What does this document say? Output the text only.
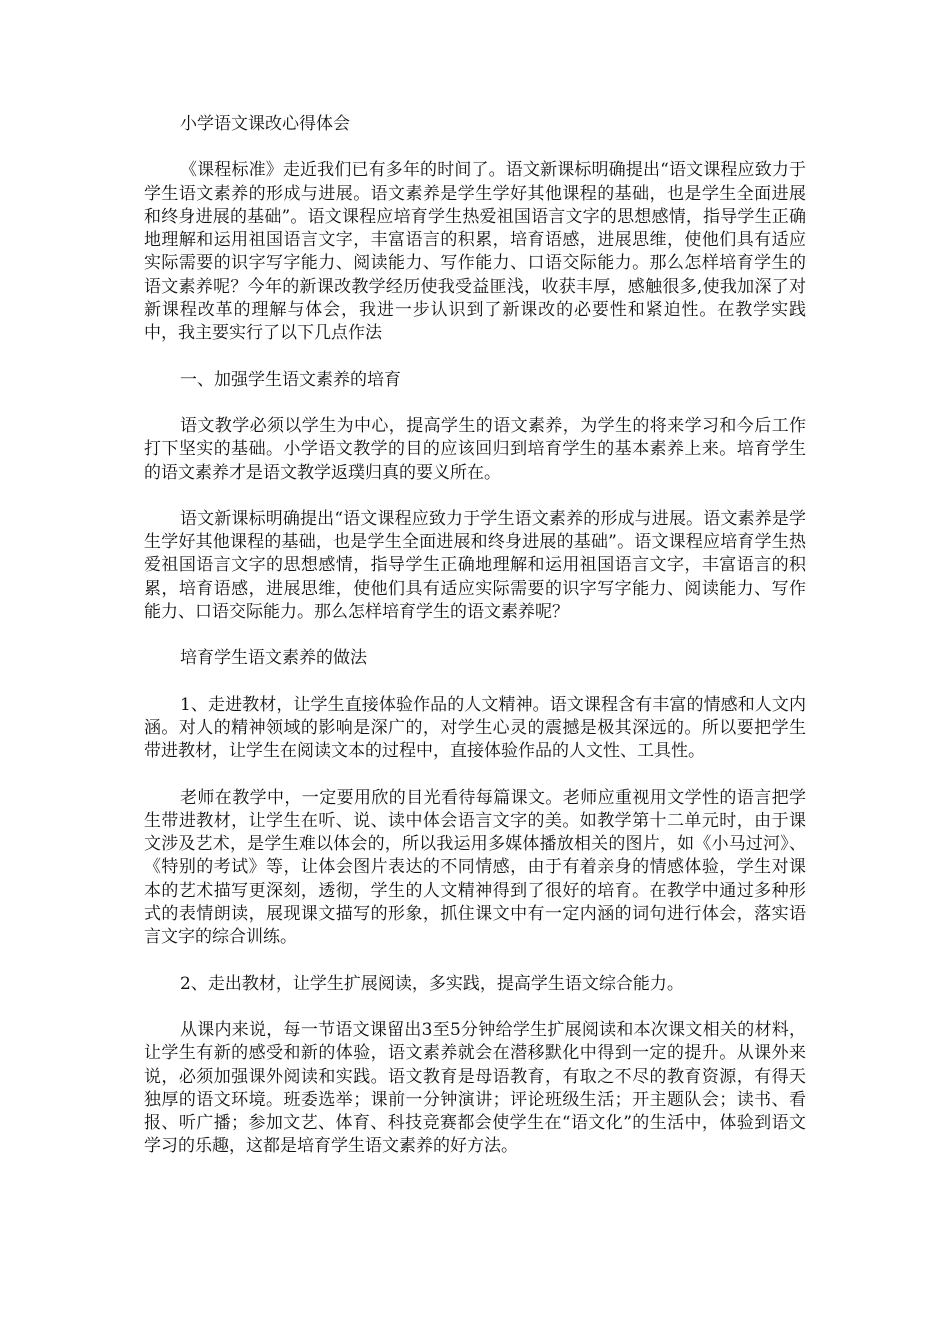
小学语文课改心得体会

《课程标准》走近我们已有多年的时间了。语文新课标明确提出“语文课程应致力于学生语文素养的形成与进展。语文素养是学生学好其他课程的基础，也是学生全面进展和终身进展的基础”。语文课程应培育学生热爱祖国语言文字的思想感情，指导学生正确地理解和运用祖国语言文字，丰富语言的积累，培育语感，进展思维，使他们具有适应实际需要的识字写字能力、阅读能力、写作能力、口语交际能力。那么怎样培育学生的语文素养呢？今年的新课改教学经历使我受益匪浅，收获丰厚，感触很多,使我加深了对新课程改革的理解与体会，我进一步认识到了新课改的必要性和紧迫性。在教学实践中，我主要实行了以下几点作法

一、加强学生语文素养的培育

语文教学必须以学生为中心，提高学生的语文素养，为学生的将来学习和今后工作打下坚实的基础。小学语文教学的目的应该回归到培育学生的基本素养上来。培育学生的语文素养才是语文教学返璞归真的要义所在。

语文新课标明确提出“语文课程应致力于学生语文素养的形成与进展。语文素养是学生学好其他课程的基础，也是学生全面进展和终身进展的基础”。语文课程应培育学生热爱祖国语言文字的思想感情，指导学生正确地理解和运用祖国语言文字，丰富语言的积累，培育语感，进展思维，使他们具有适应实际需要的识字写字能力、阅读能力、写作能力、口语交际能力。那么怎样培育学生的语文素养呢？

培育学生语文素养的做法

1、走进教材，让学生直接体验作品的人文精神。语文课程含有丰富的情感和人文内涵。对人的精神领域的影响是深广的，对学生心灵的震撼是极其深远的。所以要把学生带进教材，让学生在阅读文本的过程中，直接体验作品的人文性、工具性。

老师在教学中，一定要用欣的目光看待每篇课文。老师应重视用文学性的语言把学生带进教材，让学生在听、说、读中体会语言文字的美。如教学第十二单元时，由于课文涉及艺术，是学生难以体会的，所以我运用多媒体播放相关的图片，如《小马过河》、《特别的考试》等，让体会图片表达的不同情感，由于有着亲身的情感体验，学生对课本的艺术描写更深刻，透彻，学生的人文精神得到了很好的培育。在教学中通过多种形式的表情朗读，展现课文描写的形象，抓住课文中有一定内涵的词句进行体会，落实语言文字的综合训练。

2、走出教材，让学生扩展阅读，多实践，提高学生语文综合能力。

从课内来说，每一节语文课留出3至5分钟给学生扩展阅读和本次课文相关的材料，让学生有新的感受和新的体验，语文素养就会在潜移默化中得到一定的提升。从课外来说，必须加强课外阅读和实践。语文教育是母语教育，有取之不尽的教育资源，有得天独厚的语文环境。班委选举；课前一分钟演讲；评论班级生活；开主题队会；读书、看报、听广播；参加文艺、体育、科技竞赛都会使学生在“语文化”的生活中，体验到语文学习的乐趣，这都是培育学生语文素养的好方法。
